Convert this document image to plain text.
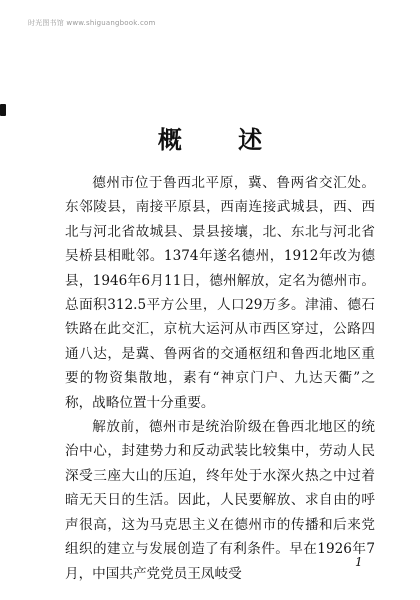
时光图书馆 www.shiguangbook.com
概 述

德州市位于鲁西北平原，冀、鲁两省交汇处。东邻陵县，南接平原县，西南连接武城县，西、西北与河北省故城县、景县接壤，北、东北与河北省吴桥县相毗邻。1374年遂名德州，1912年改为德县，1946年6月11日，德州解放，定名为德州市。总面积312.5平方公里，人口29万多。津浦、德石铁路在此交汇，京杭大运河从市西区穿过，公路四通八达，是冀、鲁两省的交通枢纽和鲁西北地区重要的物资集散地，素有“神京门户、九达天衢”之称，战略位置十分重要。

解放前，德州市是统治阶级在鲁西北地区的统治中心，封建势力和反动武装比较集中，劳动人民深受三座大山的压迫，终年处于水深火热之中过着暗无天日的生活。因此，人民要解放、求自由的呼声很高，这为马克思主义在德州市的传播和后来党组织的建立与发展创造了有利条件。早在1926年7月，中国共产党党员王凤岐受

1
